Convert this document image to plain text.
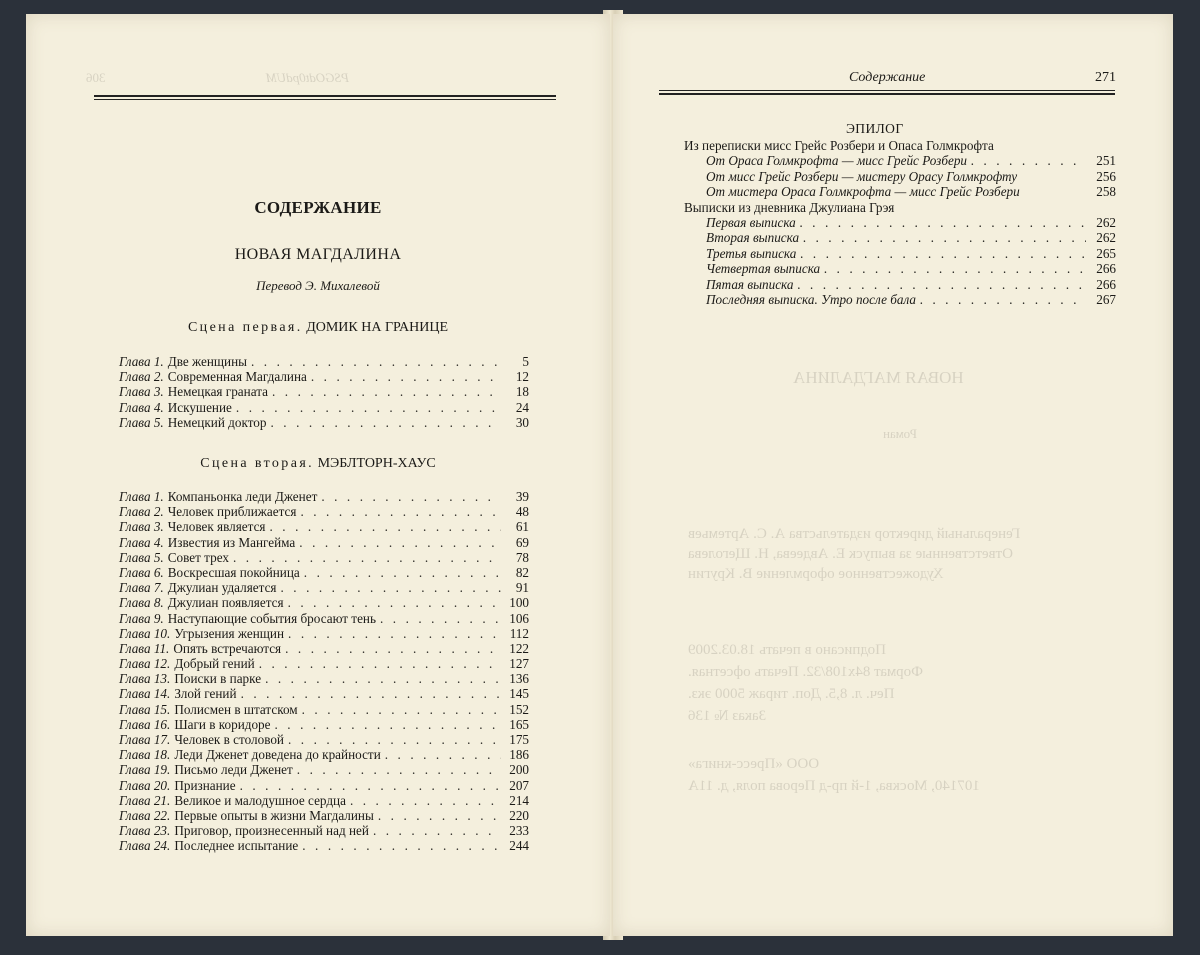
PSGOdt0pdUM
306
СОДЕРЖАНИЕ
НОВАЯ МАГДАЛИНА
Перевод Э. Михалевой
Сцена первая. ДОМИК НА ГРАНИЦЕ
Глава 1. Две женщины . . .	5
Глава 2. Современная Магдалина . . .	12
Глава 3. Немецкая граната . . .	18
Глава 4. Искушение . . .	24
Глава 5. Немецкий доктор . . .	30
Сцена вторая. МЭБЛТОРН-ХАУС
Глава 1. Компаньонка леди Дженет . . .	39
Глава 2. Человек приближается . . .	48
Глава 3. Человек является . . .	61
Глава 4. Известия из Мангейма . . .	69
Глава 5. Совет трех . . .	78
Глава 6. Воскресшая покойница . . .	82
Глава 7. Джулиан удаляется . . .	91
Глава 8. Джулиан появляется . . .	100
Глава 9. Наступающие события бросают тень . . .	106
Глава 10. Угрызения женщин . . .	112
Глава 11. Опять встречаются . . .	122
Глава 12. Добрый гений . . .	127
Глава 13. Поиски в парке . . .	136
Глава 14. Злой гений . . .	145
Глава 15. Полисмен в штатском . . .	152
Глава 16. Шаги в коридоре . . .	165
Глава 17. Человек в столовой . . .	175
Глава 18. Леди Дженет доведена до крайности . . .	186
Глава 19. Письмо леди Дженет . . .	200
Глава 20. Признание . . .	207
Глава 21. Великое и малодушное сердца . . .	214
Глава 22. Первые опыты в жизни Магдалины . . .	220
Глава 23. Приговор, произнесенный над ней . . .	233
Глава 24. Последнее испытание . . .	244
Содержание	271
ЭПИЛОГ
Из переписки мисс Грейс Розбери и Опаса Голмкрофта
От Ораса Голмкрофта — мисс Грейс Розбери . . .	251
От мисс Грейс Розбери — мистеру Орасу Голмкрофту	256
От мистера Ораса Голмкрофта — мисс Грейс Розбери	258
Выписки из дневника Джулиана Грэя
Первая выписка . . .	262
Вторая выписка . . .	262
Третья выписка . . .	265
Четвертая выписка . . .	266
Пятая выписка . . .	266
Последняя выписка. Утро после бала . . .	267
НОВАЯ МАГДАЛИНА
Роман
Генеральный директор издательства А. С. Артемьев
Ответственные за выпуск Е. Авдеева, Н. Щеголева
Художественное оформление В. Кругин
Подписано в печать 18.03.2009
Формат 84х108/32. Печать офсетная.
Печ. л. 8,5. Доп. тираж 5000 экз.
Заказ № 136
ООО «Пресс-книга»
107140, Москва, 1-й пр-д Перова поля, д. 11А
